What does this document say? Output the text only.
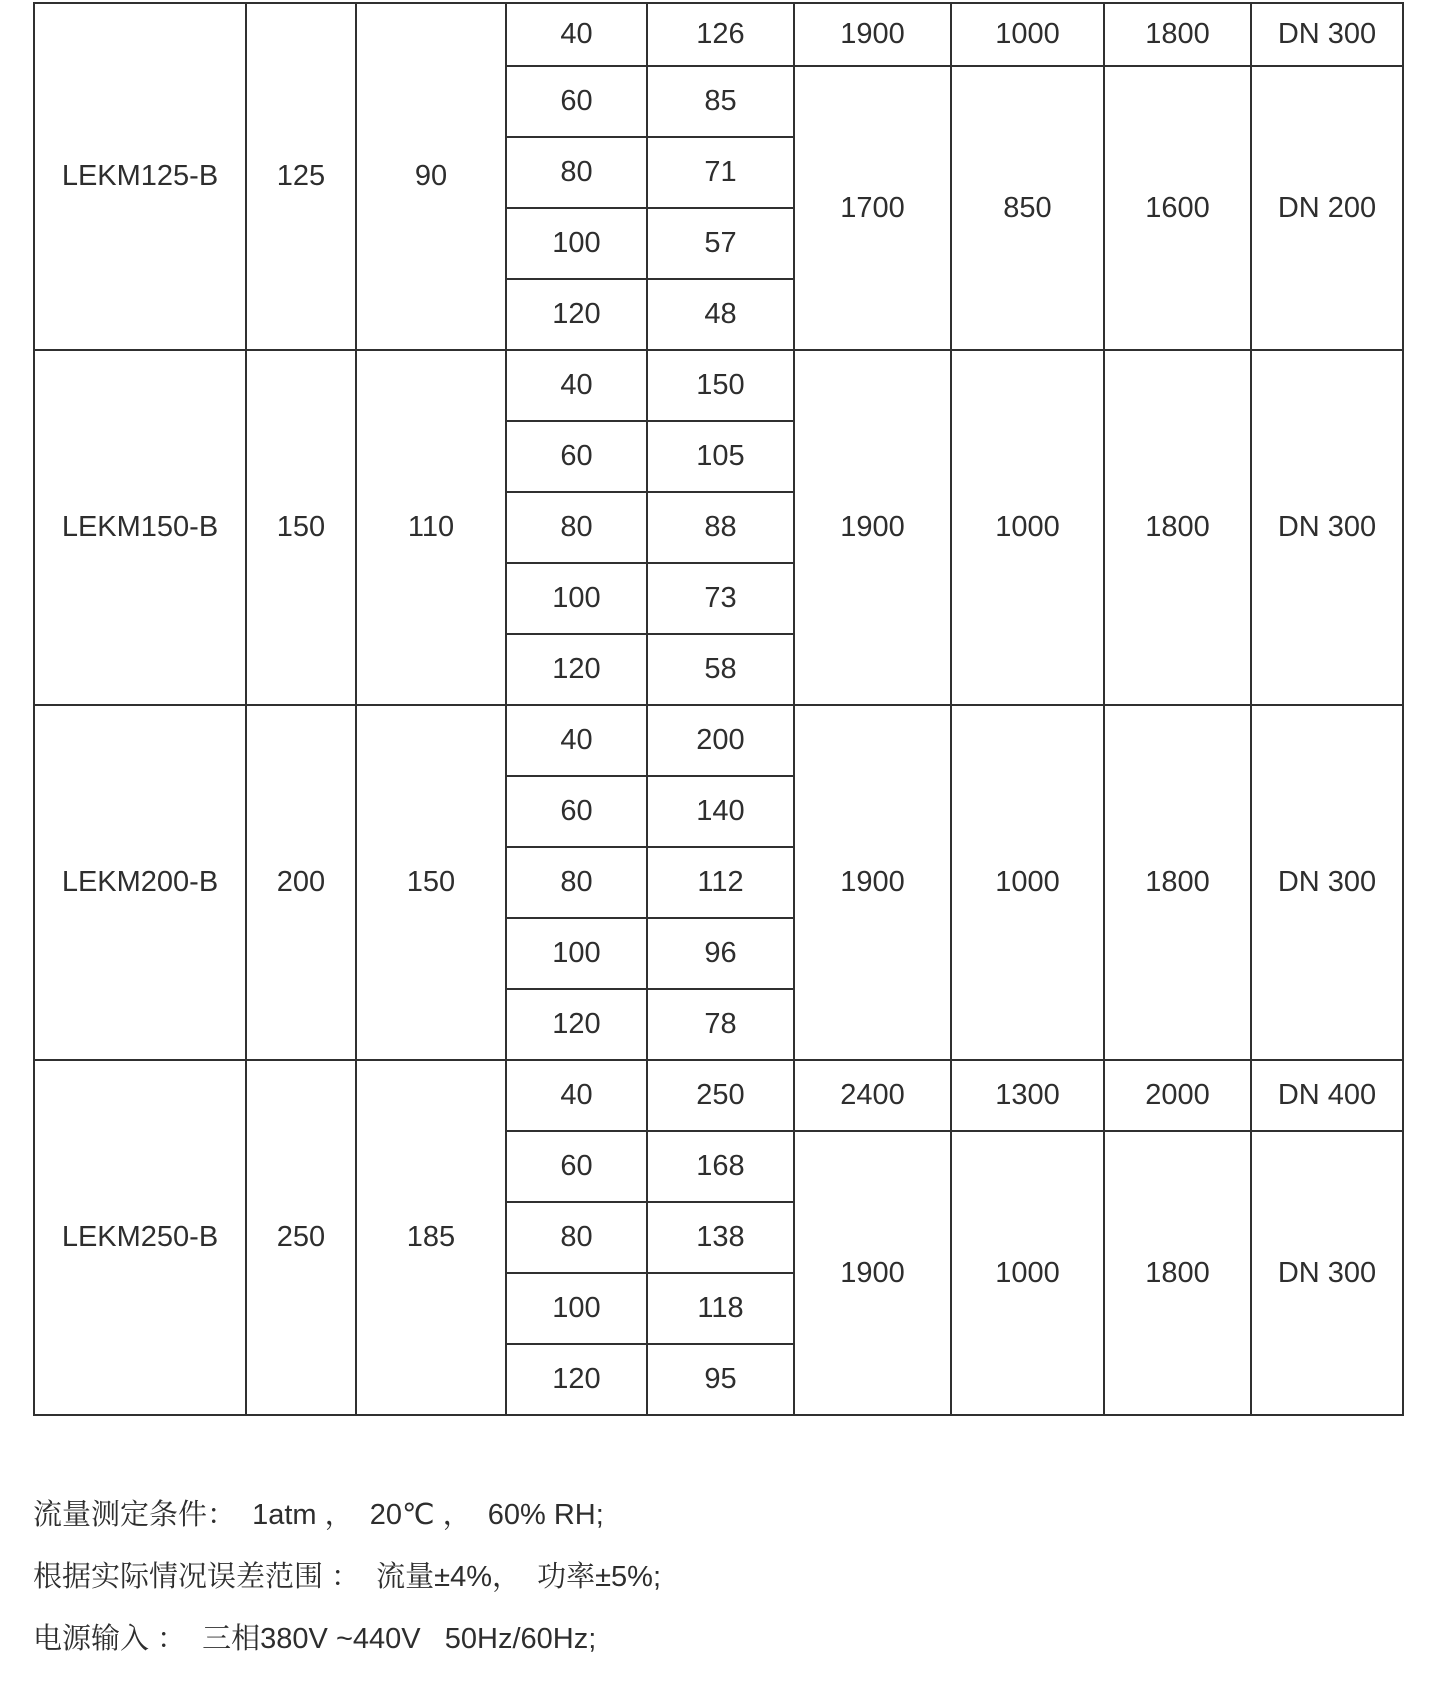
LEKM125-B	125	90	40	126	1900	1000	1800	DN 300
			60	85	1700	850	1600	DN 200
			80	71				
			100	57				
			120	48				
LEKM150-B	150	110	40	150	1900	1000	1800	DN 300
			60	105				
			80	88				
			100	73				
			120	58				
LEKM200-B	200	150	40	200	1900	1000	1800	DN 300
			60	140				
			80	112				
			100	96				
			120	78				
LEKM250-B	250	185	40	250	2400	1300	2000	DN 400
			60	168	1900	1000	1800	DN 300
			80	138				
			100	118				
			120	95				

流量测定条件：  1atm ，  20℃ ，  60% RH;

根据实际情况误差范围 ：  流量±4%，  功率±5%;

电源输入 ：  三相380V ~440V   50Hz/60Hz;
